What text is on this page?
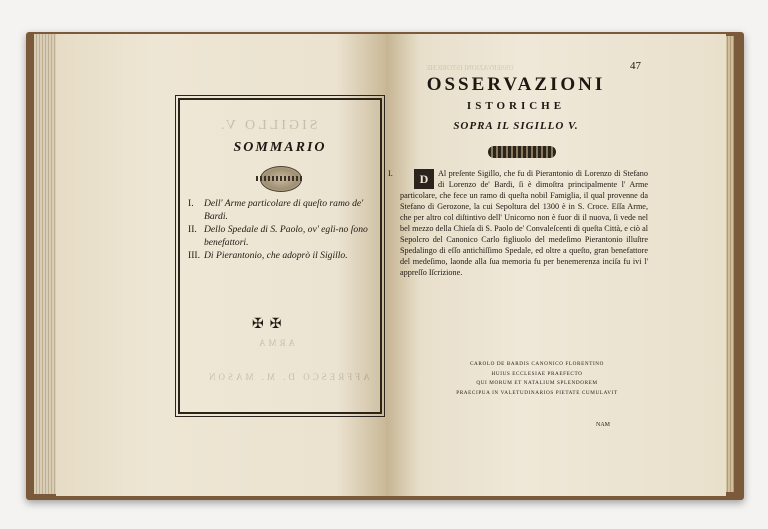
SIGILLO V.
SOMMARIO
I.	Dell' Arme particolare di queſto ramo de' Bardi.
II. Dello Spedale di S. Paolo, ov' egli-no ſono benefattori.
III. Di Pierantonio, che adoprò il Sigillo.
ARMA
✠✠
AFFRESCO D. M. MASON
OSSERVAZIONI ISTORICHE	47
OSSERVAZIONI
ISTORICHE
SOPRA IL SIGILLO V.
I.	D	Al preſente Sigillo, che fu di Pierantonio di Lorenzo di Stefano di Lorenzo de' Bardi, ſi è dimoſtra principalmente l' Arme particolare, che fece un ramo di queſta nobil Famiglia, il qual provenne da Stefano di Gerozone, la cui Sepoltura del 1300 è in S. Croce. Eſſa Arme, che per altro col diſtintivo dell' Unicorno non è fuor di il nuova, ſi vede nel bel mezzo della Chieſa di S. Paolo de' Convaleſcenti di queſta Città, e ciò al Sepolcro del Canonico Carlo figliuolo del medeſimo Pierantonio illuſtre Spedalingo di eſſo antichiſſimo Spedale, ed oltre a queſto, gran benefattore del medeſimo, laonde alla ſua memoria fu per benemerenza inciſa fu ivi l' appreſſo Iſcrizione.
CAROLO DE BARDIS CANONICO FLORENTINO
HUIUS ECCLESIAE PRAEFECTO
QUI MORUM ET NATALIUM SPLENDOREM
PRAECIPUA IN VALETUDINARIOS PIETATE CUMULAVIT
NAM
